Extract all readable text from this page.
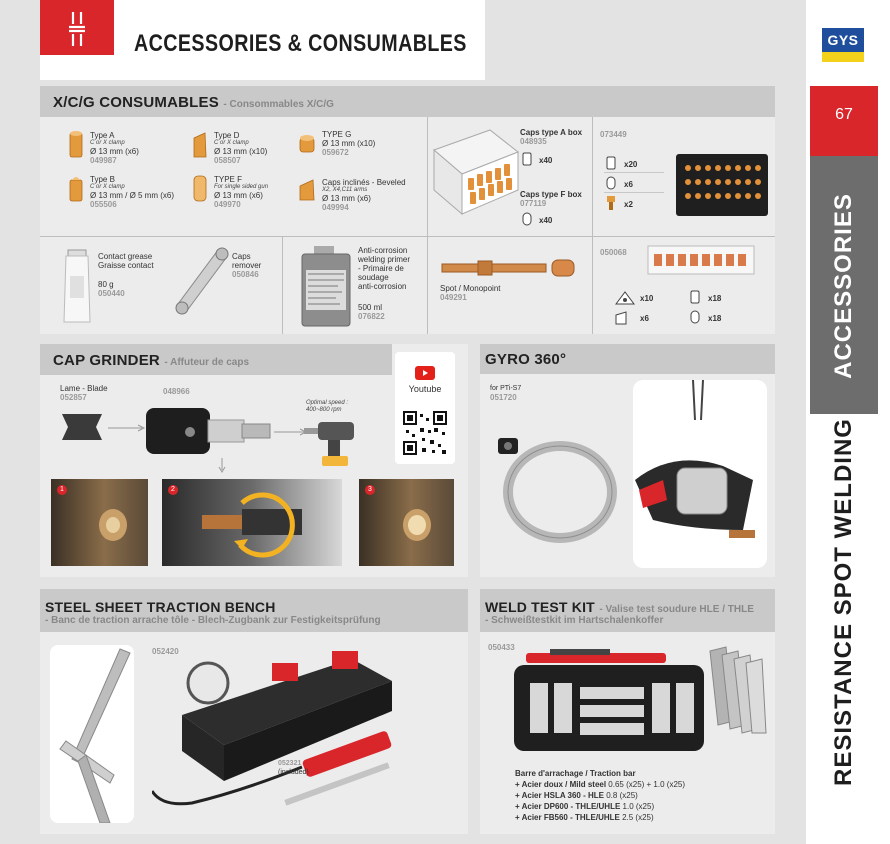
ACCESSORIES & CONSUMABLES	GYS
67
ACCESSORIES
RESISTANCE SPOT WELDING
X/C/G CONSUMABLES - Consommables X/C/G
Type A
C or X clamp
Ø 13 mm (x6)
049987
Type B
C or X clamp
Ø 13 mm / Ø 5 mm (x6)
055506
Type D
C or X clamp
Ø 13 mm (x10)
058507
TYPE F
For single sided gun
Ø 13 mm (x6)
049970
TYPE G
Ø 13 mm (x10)
059672
Caps inclinés - Beveled
X2, X4,C11 arms
Ø 13 mm (x6)
049994
Caps type A box
048935
x40
Caps type F box
077119
x40
073449
x20
x6
x2
Contact grease
Graisse contact
80 g
050440
Caps
remover
050846
Anti-corrosion
welding primer
- Primaire de
soudage
anti-corrosion
500 ml
076822
Spot / Monopoint
049291
050068
x10	x18
x6	x18
CAP GRINDER - Affuteur de caps
Lame - Blade
052857
048966
Optimal speed :
400~800 rpm
Youtube
1	2	3
GYRO 360°
for PTi-S7
051720
STEEL SHEET TRACTION BENCH
- Banc de traction arrache tôle - Blech-Zugbank zur Festigkeitsprüfung
052420
052321
(included)
WELD TEST KIT - Valise test soudure HLE / THLE
- Schweißtestkit im Hartschalenkoffer
050433
Barre d'arrachage / Traction bar
+ Acier doux / Mild steel 0.65 (x25) + 1.0 (x25)
+ Acier HSLA 360 - HLE 0.8 (x25)
+ Acier DP600 - THLE/UHLE 1.0 (x25)
+ Acier FB560 - THLE/UHLE 2.5 (x25)
